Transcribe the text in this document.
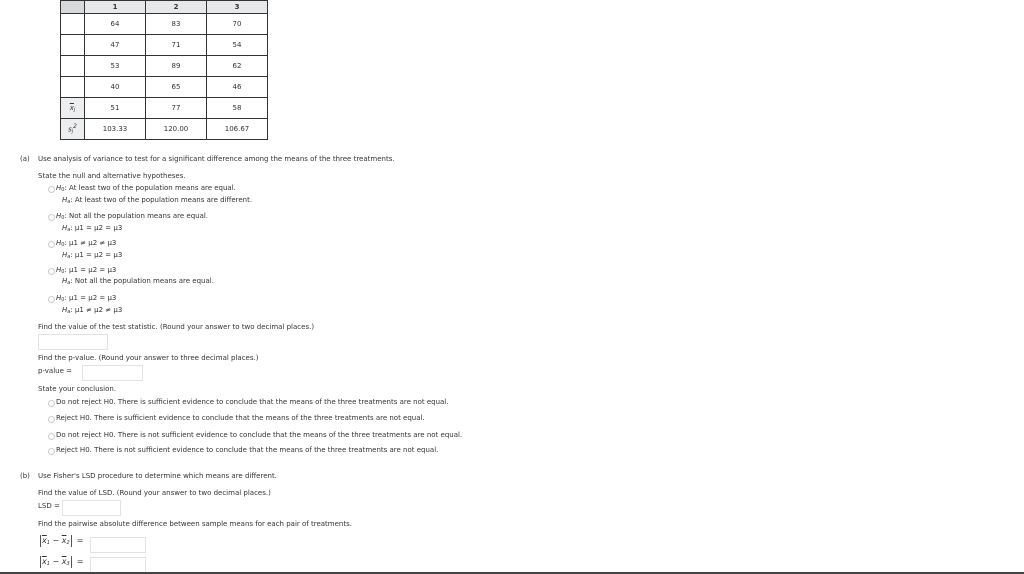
	1	2	3
	64	83	70
	47	71	54
	53	89	62
	40	65	46
$\overline{x}_j$	51	77	58
$s_j^2$	103.33	120.00	106.67
(a) Use analysis of variance to test for a significant difference among the means of the three treatments.
State the null and alternative hypotheses.
$H_0$: At least two of the population means are equal.
$H_a$: At least two of the population means are different.
$H_0$: Not all the population means are equal.
$H_a$: μ1 = μ2 = μ3
$H_0$: μ1 ≠ μ2 ≠ μ3
$H_a$: μ1 = μ2 = μ3
$H_0$: μ1 = μ2 = μ3
$H_a$: Not all the population means are equal.
$H_0$: μ1 = μ2 = μ3
$H_a$: μ1 ≠ μ2 ≠ μ3
Find the value of the test statistic. (Round your answer to two decimal places.)
Find the p-value. (Round your answer to three decimal places.)
p-value =
State your conclusion.
Do not reject H0. There is sufficient evidence to conclude that the means of the three treatments are not equal.
Reject H0. There is sufficient evidence to conclude that the means of the three treatments are not equal.
Do not reject H0. There is not sufficient evidence to conclude that the means of the three treatments are not equal.
Reject H0. There is not sufficient evidence to conclude that the means of the three treatments are not equal.
(b) Use Fisher's LSD procedure to determine which means are different.
Find the value of LSD. (Round your answer to two decimal places.)
LSD =
Find the pairwise absolute difference between sample means for each pair of treatments.
$\overline{x}_1 - \overline{x}_2$  =
$\overline{x}_1 - \overline{x}_3$  =
